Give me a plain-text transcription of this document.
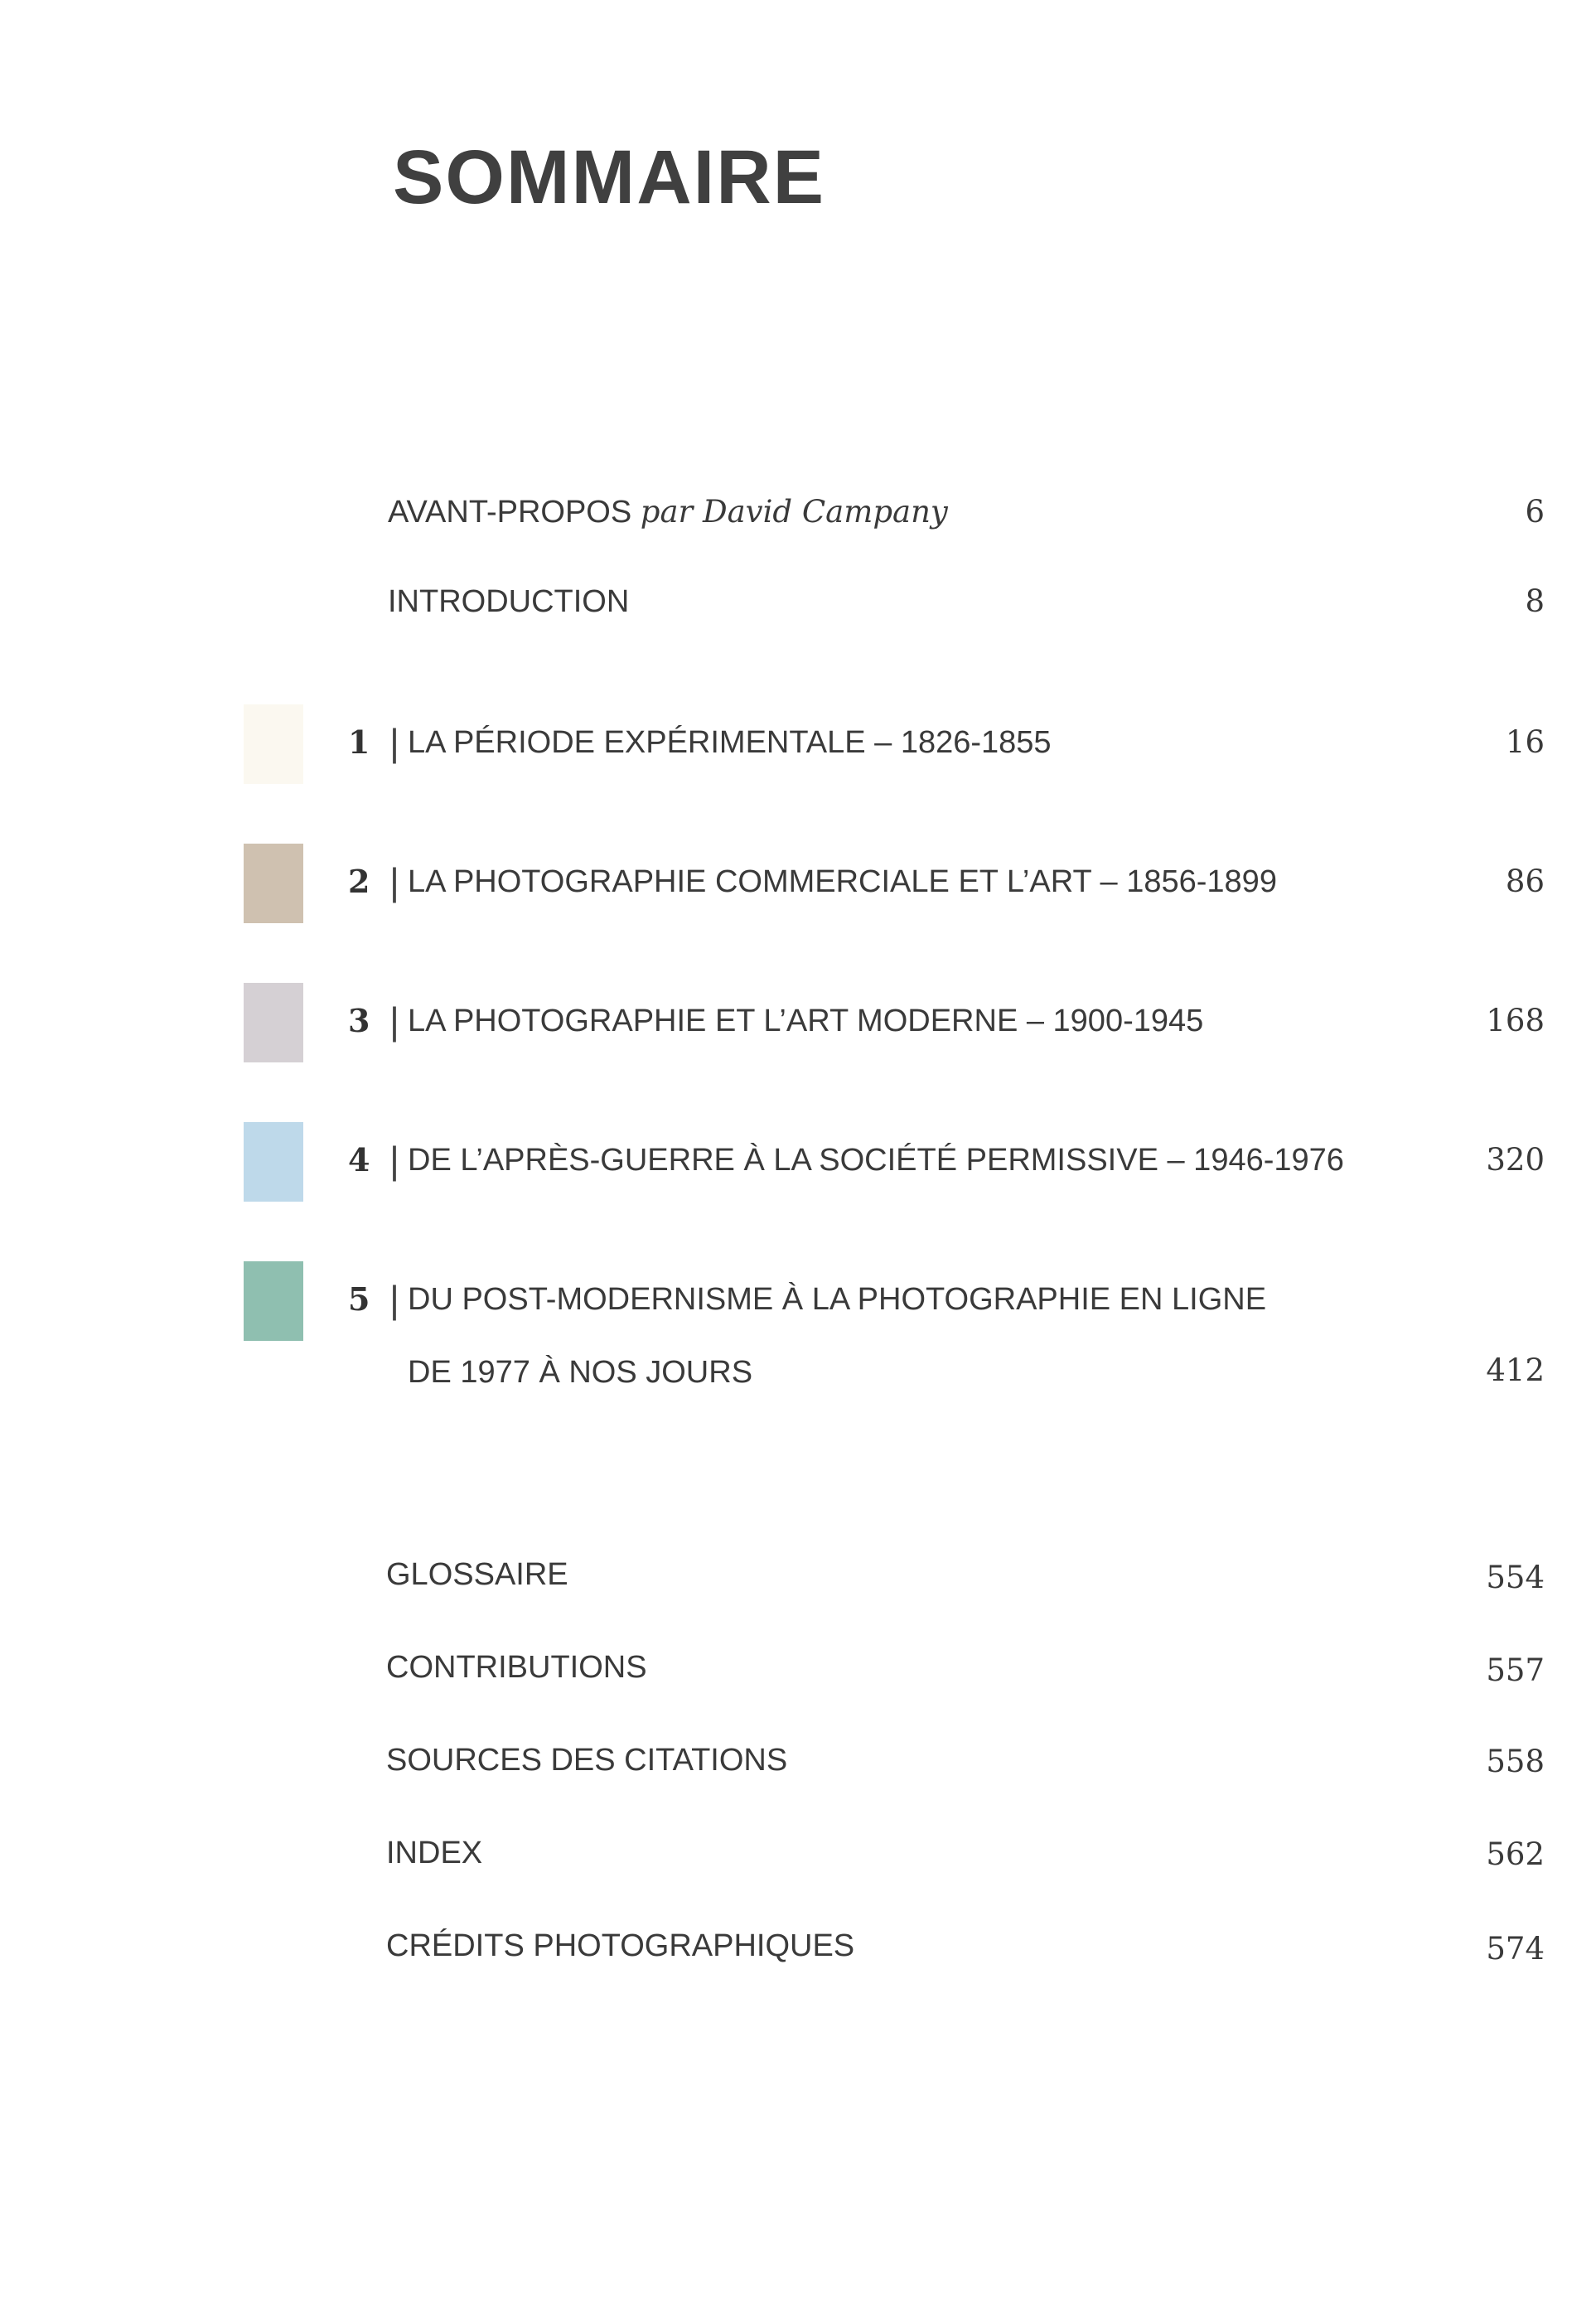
SOMMAIRE
AVANT-PROPOS par David Campany	6
INTRODUCTION	8
1 | LA PÉRIODE EXPÉRIMENTALE – 1826-1855	16
2 | LA PHOTOGRAPHIE COMMERCIALE ET L’ART – 1856-1899	86
3 | LA PHOTOGRAPHIE ET L’ART MODERNE – 1900-1945	168
4 | DE L’APRÈS-GUERRE À LA SOCIÉTÉ PERMISSIVE – 1946-1976	320
5 | DU POST-MODERNISME À LA PHOTOGRAPHIE EN LIGNE
DE 1977 À NOS JOURS	412
GLOSSAIRE	554
CONTRIBUTIONS	557
SOURCES DES CITATIONS	558
INDEX	562
CRÉDITS PHOTOGRAPHIQUES	574
